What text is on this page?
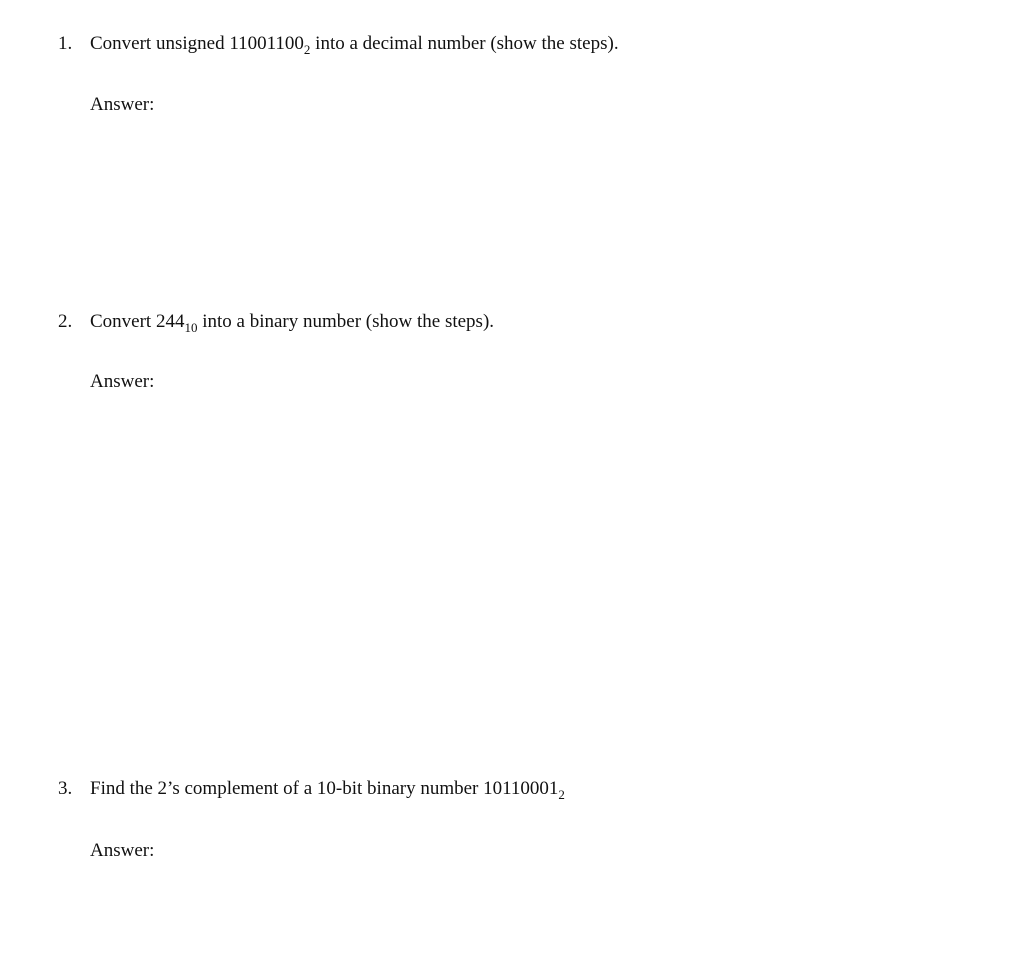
1. Convert unsigned $11001100_2$ into a decimal number (show the steps).
Answer:
2. Convert $244_{10}$ into a binary number (show the steps).
Answer:
3. Find the 2’s complement of a 10-bit binary number $10110001_2$
Answer:
